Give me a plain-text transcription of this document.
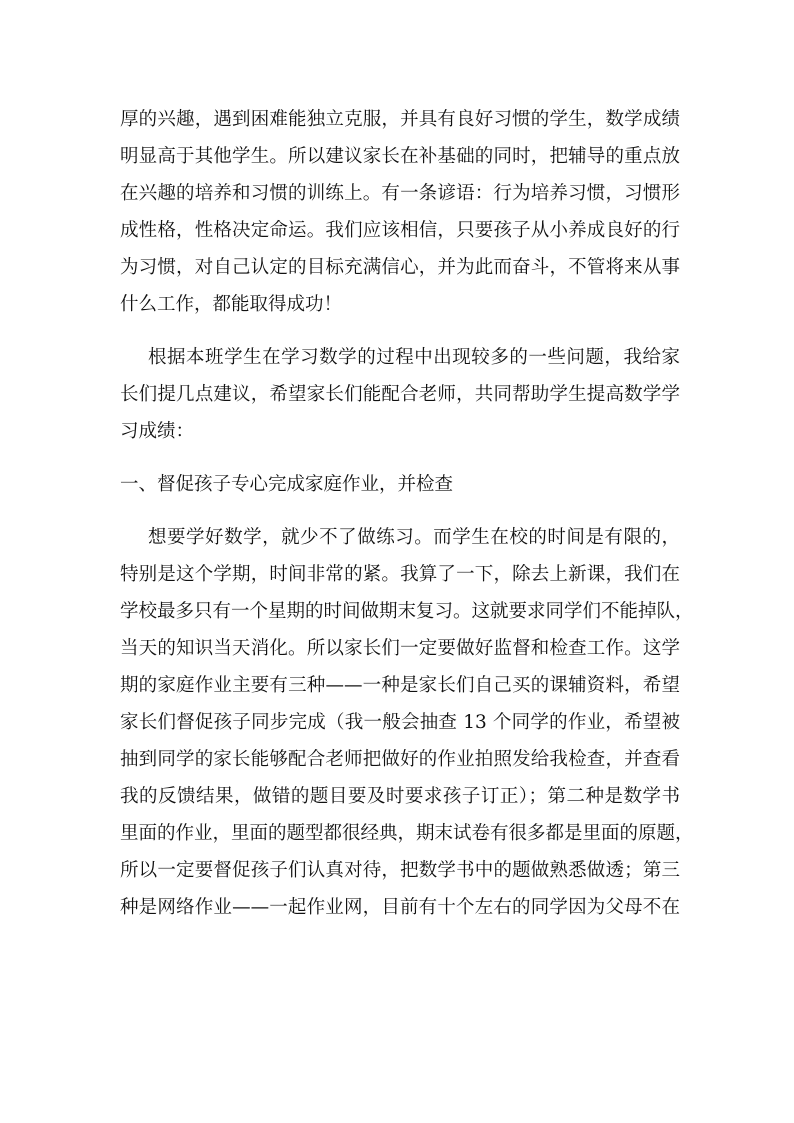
厚的兴趣，遇到困难能独立克服，并具有良好习惯的学生，数学成绩
明显高于其他学生。所以建议家长在补基础的同时，把辅导的重点放
在兴趣的培养和习惯的训练上。有一条谚语：行为培养习惯，习惯形
成性格，性格决定命运。我们应该相信，只要孩子从小养成良好的行
为习惯，对自己认定的目标充满信心，并为此而奋斗，不管将来从事
什么工作，都能取得成功！
根据本班学生在学习数学的过程中出现较多的一些问题，我给家
长们提几点建议，希望家长们能配合老师，共同帮助学生提高数学学
习成绩：
一、督促孩子专心完成家庭作业，并检查
想要学好数学，就少不了做练习。而学生在校的时间是有限的，
特别是这个学期，时间非常的紧。我算了一下，除去上新课，我们在
学校最多只有一个星期的时间做期末复习。这就要求同学们不能掉队，
当天的知识当天消化。所以家长们一定要做好监督和检查工作。这学
期的家庭作业主要有三种——一种是家长们自己买的课辅资料，希望
家长们督促孩子同步完成（我一般会抽查 13 个同学的作业，希望被
抽到同学的家长能够配合老师把做好的作业拍照发给我检查，并查看
我的反馈结果，做错的题目要及时要求孩子订正）；第二种是数学书
里面的作业，里面的题型都很经典，期末试卷有很多都是里面的原题，
所以一定要督促孩子们认真对待，把数学书中的题做熟悉做透；第三
种是网络作业——一起作业网，目前有十个左右的同学因为父母不在
